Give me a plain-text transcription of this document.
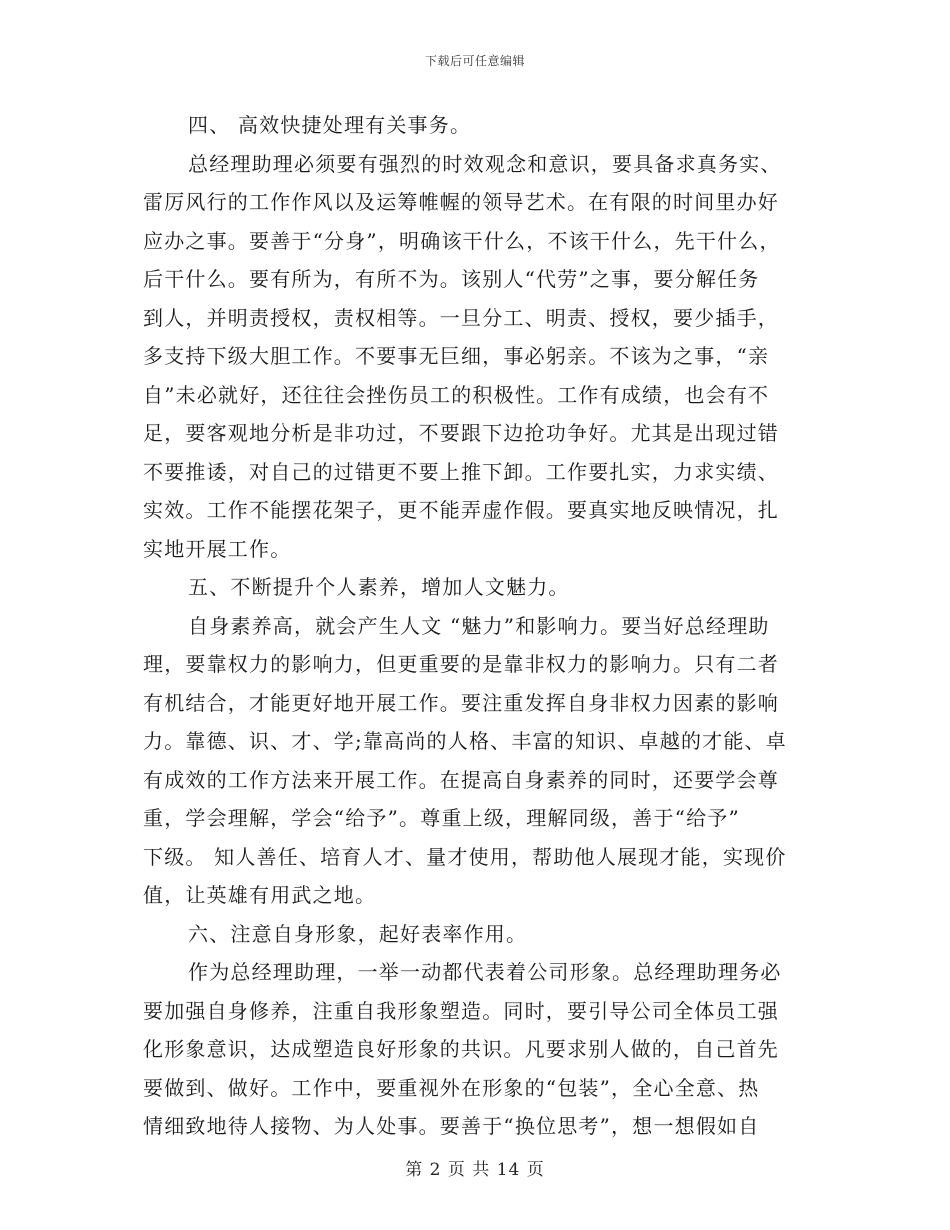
下载后可任意编辑
四、 高效快捷处理有关事务。
总经理助理必须要有强烈的时效观念和意识，要具备求真务实、
雷厉风行的工作作风以及运筹帷幄的领导艺术。在有限的时间里办好
应办之事。要善于“分身”，明确该干什么，不该干什么，先干什么，
后干什么。要有所为，有所不为。该别人“代劳”之事，要分解任务
到人，并明责授权，责权相等。一旦分工、明责、授权，要少插手，
多支持下级大胆工作。不要事无巨细，事必躬亲。不该为之事，“亲
自”未必就好，还往往会挫伤员工的积极性。工作有成绩，也会有不
足，要客观地分析是非功过，不要跟下边抢功争好。尤其是出现过错
不要推诿，对自己的过错更不要上推下卸。工作要扎实，力求实绩、
实效。工作不能摆花架子，更不能弄虚作假。要真实地反映情况，扎
实地开展工作。
五、不断提升个人素养，增加人文魅力。
自身素养高，就会产生人文 “魅力”和影响力。要当好总经理助
理，要靠权力的影响力，但更重要的是靠非权力的影响力。只有二者
有机结合，才能更好地开展工作。要注重发挥自身非权力因素的影响
力。靠德、识、才、学;靠高尚的人格、丰富的知识、卓越的才能、卓
有成效的工作方法来开展工作。在提高自身素养的同时，还要学会尊
重，学会理解，学会“给予”。尊重上级，理解同级，善于“给予”
下级。 知人善任、培育人才、量才使用，帮助他人展现才能，实现价
值，让英雄有用武之地。
六、注意自身形象，起好表率作用。
作为总经理助理，一举一动都代表着公司形象。总经理助理务必
要加强自身修养，注重自我形象塑造。同时，要引导公司全体员工强
化形象意识，达成塑造良好形象的共识。凡要求别人做的，自己首先
要做到、做好。工作中，要重视外在形象的“包装”，全心全意、热
情细致地待人接物、为人处事。要善于“换位思考”，想一想假如自
第 2 页 共 14 页
